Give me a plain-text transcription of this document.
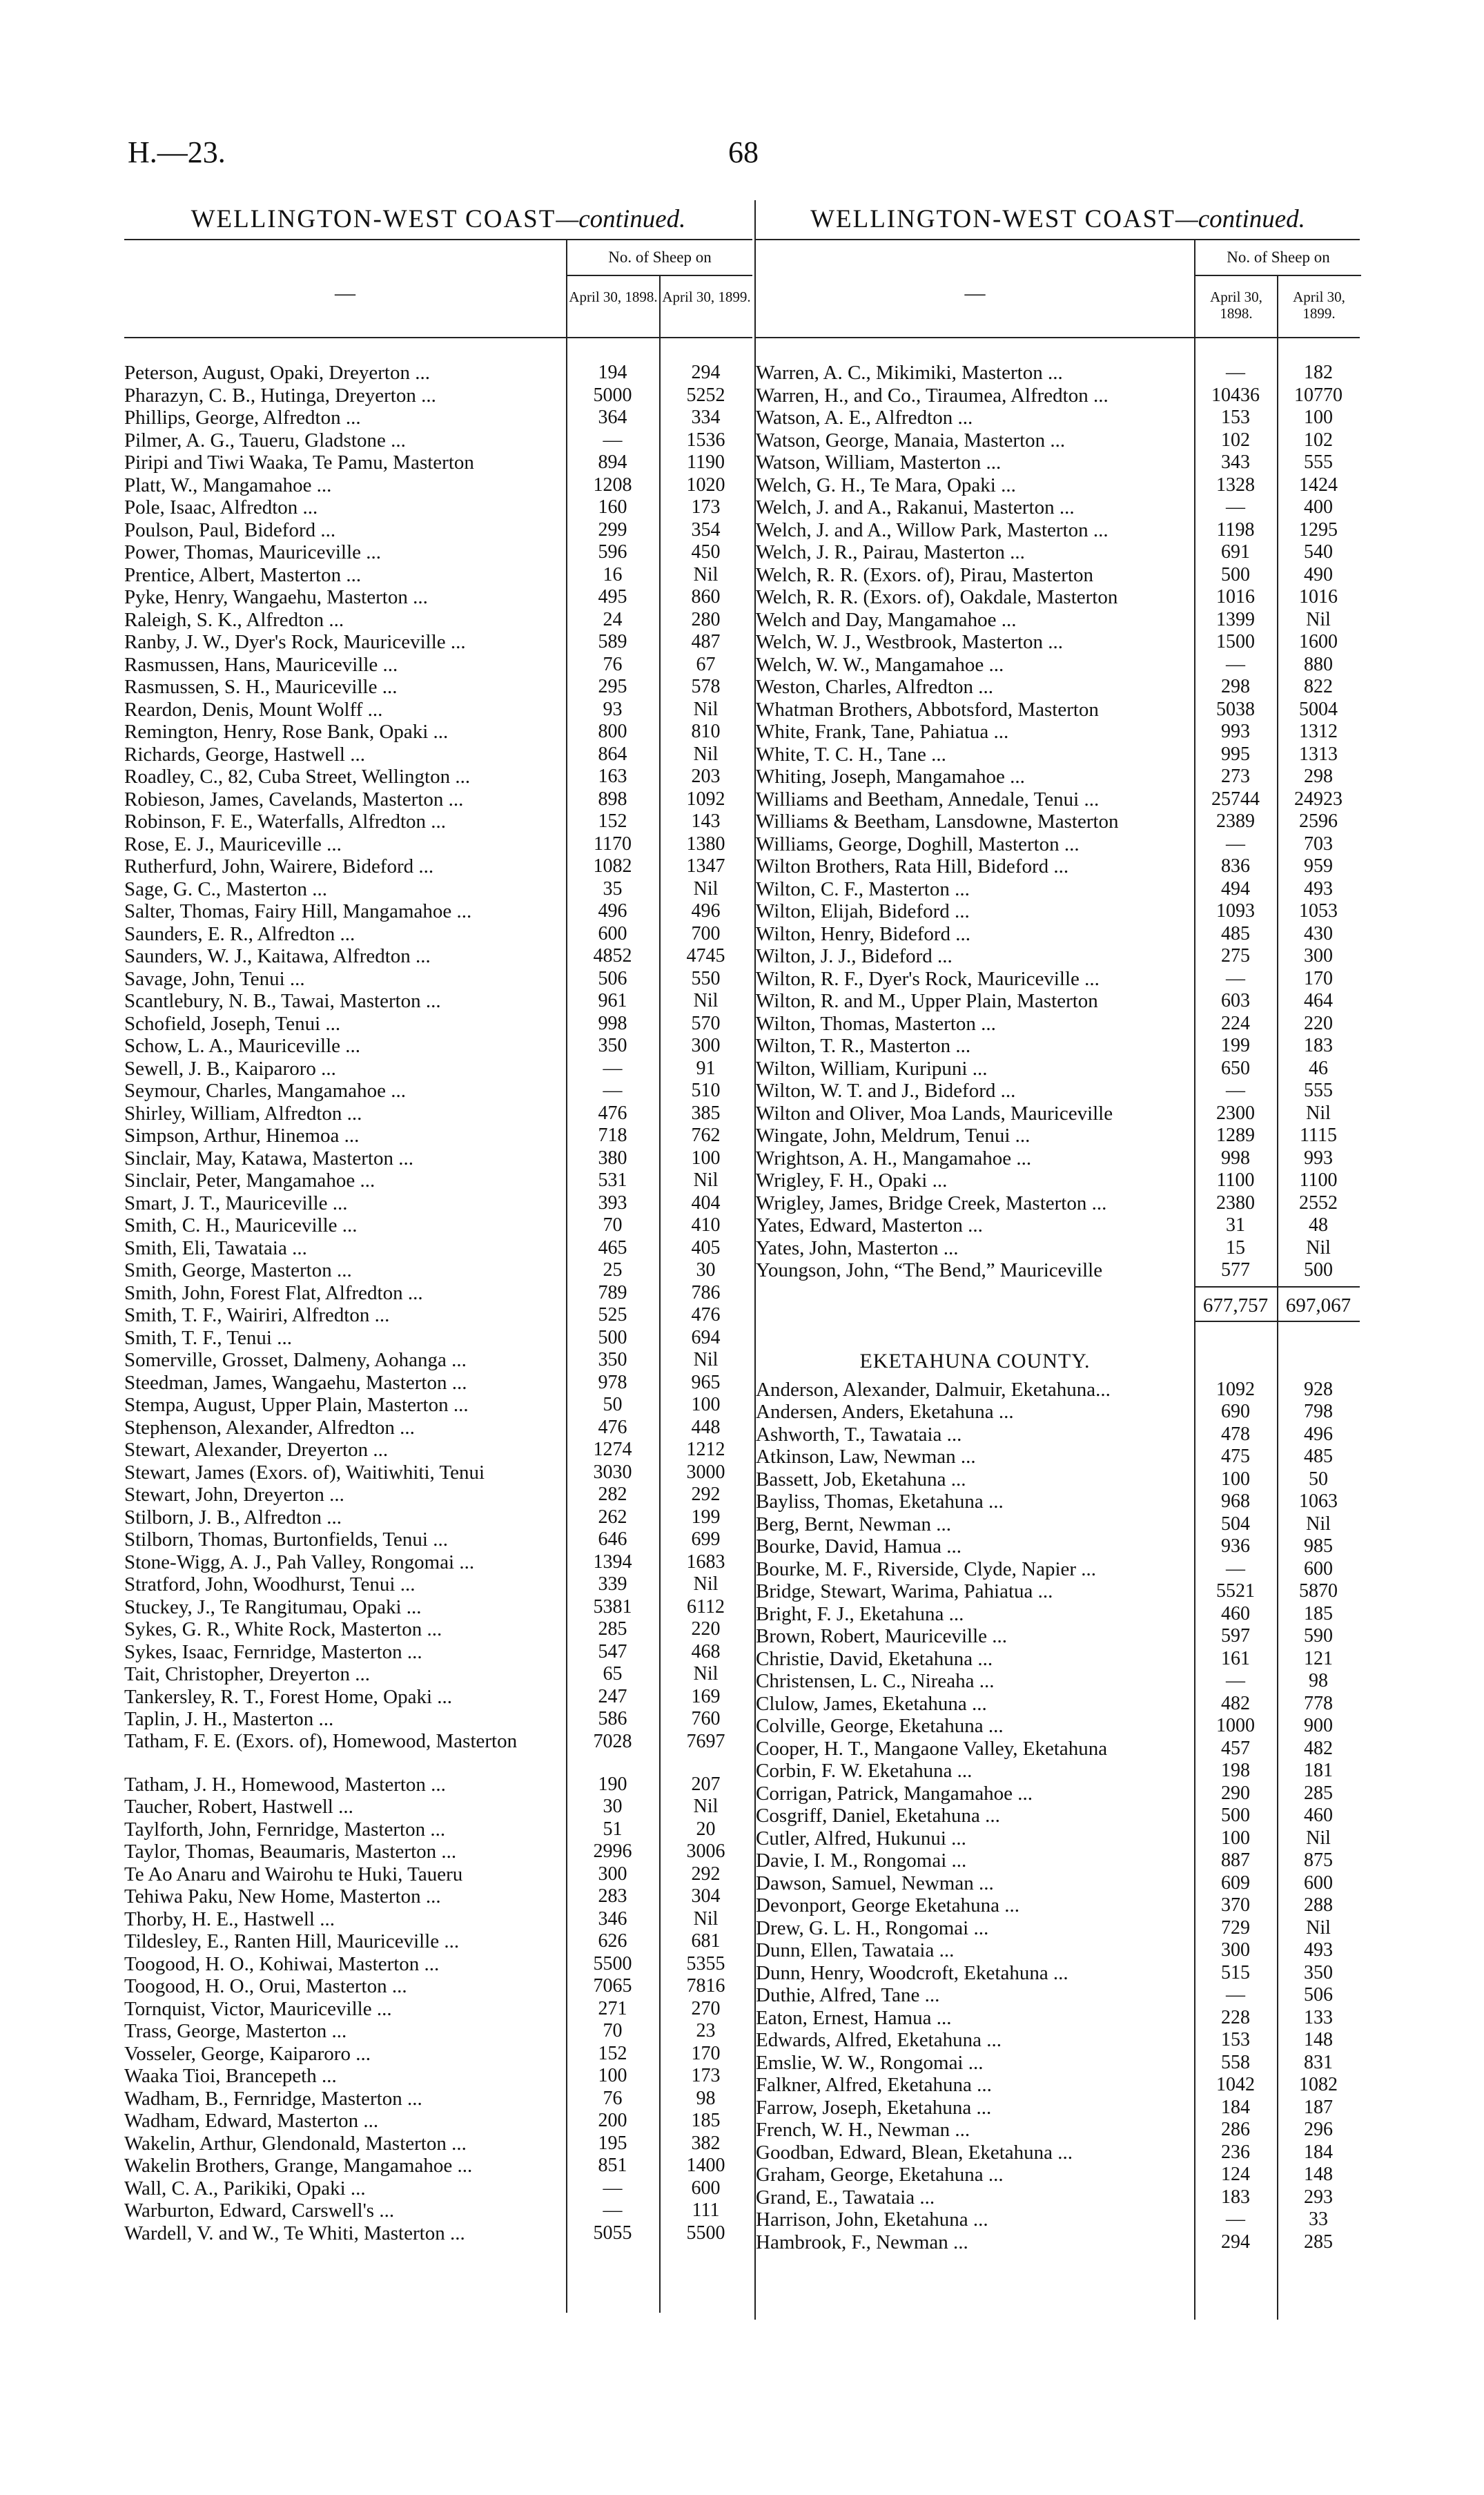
H.—23.	68
WELLINGTON-WEST COAST—continued.
—
No. of Sheep on
April 30, 1898. April 30, 1899.
Peterson, August, Opaki, Dreyerton ...	194	294
Pharazyn, C. B., Hutinga, Dreyerton ...	5000	5252
Phillips, George, Alfredton ...	364	334
Pilmer, A. G., Taueru, Gladstone ...	—	1536
Piripi and Tiwi Waaka, Te Pamu, Masterton	894	1190
Platt, W., Mangamahoe ...	1208	1020
Pole, Isaac, Alfredton ...	160	173
Poulson, Paul, Bideford ...	299	354
Power, Thomas, Mauriceville ...	596	450
Prentice, Albert, Masterton ...	16	Nil
Pyke, Henry, Wangaehu, Masterton ...	495	860
Raleigh, S. K., Alfredton ...	24	280
Ranby, J. W., Dyer's Rock, Mauriceville ...	589	487
Rasmussen, Hans, Mauriceville ...	76	67
Rasmussen, S. H., Mauriceville ...	295	578
Reardon, Denis, Mount Wolff ...	93	Nil
Remington, Henry, Rose Bank, Opaki ...	800	810
Richards, George, Hastwell ...	864	Nil
Roadley, C., 82, Cuba Street, Wellington ...	163	203
Robieson, James, Cavelands, Masterton ...	898	1092
Robinson, F. E., Waterfalls, Alfredton ...	152	143
Rose, E. J., Mauriceville ...	1170	1380
Rutherfurd, John, Wairere, Bideford ...	1082	1347
Sage, G. C., Masterton ...	35	Nil
Salter, Thomas, Fairy Hill, Mangamahoe ...	496	496
Saunders, E. R., Alfredton ...	600	700
Saunders, W. J., Kaitawa, Alfredton ...	4852	4745
Savage, John, Tenui ...	506	550
Scantlebury, N. B., Tawai, Masterton ...	961	Nil
Schofield, Joseph, Tenui ...	998	570
Schow, L. A., Mauriceville ...	350	300
Sewell, J. B., Kaiparoro ...	—	91
Seymour, Charles, Mangamahoe ...	—	510
Shirley, William, Alfredton ...	476	385
Simpson, Arthur, Hinemoa ...	718	762
Sinclair, May, Katawa, Masterton ...	380	100
Sinclair, Peter, Mangamahoe ...	531	Nil
Smart, J. T., Mauriceville ...	393	404
Smith, C. H., Mauriceville ...	70	410
Smith, Eli, Tawataia ...	465	405
Smith, George, Masterton ...	25	30
Smith, John, Forest Flat, Alfredton ...	789	786
Smith, T. F., Wairiri, Alfredton ...	525	476
Smith, T. F., Tenui ...	500	694
Somerville, Grosset, Dalmeny, Aohanga ...	350	Nil
Steedman, James, Wangaehu, Masterton ...	978	965
Stempa, August, Upper Plain, Masterton ...	50	100
Stephenson, Alexander, Alfredton ...	476	448
Stewart, Alexander, Dreyerton ...	1274	1212
Stewart, James (Exors. of), Waitiwhiti, Tenui	3030	3000
Stewart, John, Dreyerton ...	282	292
Stilborn, J. B., Alfredton ...	262	199
Stilborn, Thomas, Burtonfields, Tenui ...	646	699
Stone-Wigg, A. J., Pah Valley, Rongomai ...	1394	1683
Stratford, John, Woodhurst, Tenui ...	339	Nil
Stuckey, J., Te Rangitumau, Opaki ...	5381	6112
Sykes, G. R., White Rock, Masterton ...	285	220
Sykes, Isaac, Fernridge, Masterton ...	547	468
Tait, Christopher, Dreyerton ...	65	Nil
Tankersley, R. T., Forest Home, Opaki ...	247	169
Taplin, J. H., Masterton ...	586	760
Tatham, F. E. (Exors. of), Homewood, Masterton	7028	7697
Tatham, J. H., Homewood, Masterton ...	190	207
Taucher, Robert, Hastwell ...	30	Nil
Taylforth, John, Fernridge, Masterton ...	51	20
Taylor, Thomas, Beaumaris, Masterton ...	2996	3006
Te Ao Anaru and Wairohu te Huki, Taueru	300	292
Tehiwa Paku, New Home, Masterton ...	283	304
Thorby, H. E., Hastwell ...	346	Nil
Tildesley, E., Ranten Hill, Mauriceville ...	626	681
Toogood, H. O., Kohiwai, Masterton ...	5500	5355
Toogood, H. O., Orui, Masterton ...	7065	7816
Tornquist, Victor, Mauriceville ...	271	270
Trass, George, Masterton ...	70	23
Vosseler, George, Kaiparoro ...	152	170
Waaka Tioi, Brancepeth ...	100	173
Wadham, B., Fernridge, Masterton ...	76	98
Wadham, Edward, Masterton ...	200	185
Wakelin, Arthur, Glendonald, Masterton ...	195	382
Wakelin Brothers, Grange, Mangamahoe ...	851	1400
Wall, C. A., Parikiki, Opaki ...	—	600
Warburton, Edward, Carswell's ...	—	111
Wardell, V. and W., Te Whiti, Masterton ...	5055	5500
WELLINGTON-WEST COAST—continued.
—
No. of Sheep on
April 30, 1898.
April 30, 1899.
Warren, A. C., Mikimiki, Masterton ...	—	182
Warren, H., and Co., Tiraumea, Alfredton ...	10436	10770
Watson, A. E., Alfredton ...	153	100
Watson, George, Manaia, Masterton ...	102	102
Watson, William, Masterton ...	343	555
Welch, G. H., Te Mara, Opaki ...	1328	1424
Welch, J. and A., Rakanui, Masterton ...	—	400
Welch, J. and A., Willow Park, Masterton ...	1198	1295
Welch, J. R., Pairau, Masterton ...	691	540
Welch, R. R. (Exors. of), Pirau, Masterton	500	490
Welch, R. R. (Exors. of), Oakdale, Masterton	1016	1016
Welch and Day, Mangamahoe ...	1399	Nil
Welch, W. J., Westbrook, Masterton ...	1500	1600
Welch, W. W., Mangamahoe ...	—	880
Weston, Charles, Alfredton ...	298	822
Whatman Brothers, Abbotsford, Masterton	5038	5004
White, Frank, Tane, Pahiatua ...	993	1312
White, T. C. H., Tane ...	995	1313
Whiting, Joseph, Mangamahoe ...	273	298
Williams and Beetham, Annedale, Tenui ...	25744	24923
Williams & Beetham, Lansdowne, Masterton	2389	2596
Williams, George, Doghill, Masterton ...	—	703
Wilton Brothers, Rata Hill, Bideford ...	836	959
Wilton, C. F., Masterton ...	494	493
Wilton, Elijah, Bideford ...	1093	1053
Wilton, Henry, Bideford ...	485	430
Wilton, J. J., Bideford ...	275	300
Wilton, R. F., Dyer's Rock, Mauriceville ...	—	170
Wilton, R. and M., Upper Plain, Masterton	603	464
Wilton, Thomas, Masterton ...	224	220
Wilton, T. R., Masterton ...	199	183
Wilton, William, Kuripuni ...	650	46
Wilton, W. T. and J., Bideford ...	—	555
Wilton and Oliver, Moa Lands, Mauriceville	2300	Nil
Wingate, John, Meldrum, Tenui ...	1289	1115
Wrightson, A. H., Mangamahoe ...	998	993
Wrigley, F. H., Opaki ...	1100	1100
Wrigley, James, Bridge Creek, Masterton ...	2380	2552
Yates, Edward, Masterton ...	31	48
Yates, John, Masterton ...	15	Nil
Youngson, John, “The Bend,” Mauriceville	577	500
677,757 697,067
EKETAHUNA COUNTY.
Anderson, Alexander, Dalmuir, Eketahuna...	1092	928
Andersen, Anders, Eketahuna ...	690	798
Ashworth, T., Tawataia ...	478	496
Atkinson, Law, Newman ...	475	485
Bassett, Job, Eketahuna ...	100	50
Bayliss, Thomas, Eketahuna ...	968	1063
Berg, Bernt, Newman ...	504	Nil
Bourke, David, Hamua ...	936	985
Bourke, M. F., Riverside, Clyde, Napier ...	—	600
Bridge, Stewart, Warima, Pahiatua ...	5521	5870
Bright, F. J., Eketahuna ...	460	185
Brown, Robert, Mauriceville ...	597	590
Christie, David, Eketahuna ...	161	121
Christensen, L. C., Nireaha ...	—	98
Clulow, James, Eketahuna ...	482	778
Colville, George, Eketahuna ...	1000	900
Cooper, H. T., Mangaone Valley, Eketahuna	457	482
Corbin, F. W. Eketahuna ...	198	181
Corrigan, Patrick, Mangamahoe ...	290	285
Cosgriff, Daniel, Eketahuna ...	500	460
Cutler, Alfred, Hukunui ...	100	Nil
Davie, I. M., Rongomai ...	887	875
Dawson, Samuel, Newman ...	609	600
Devonport, George Eketahuna ...	370	288
Drew, G. L. H., Rongomai ...	729	Nil
Dunn, Ellen, Tawataia ...	300	493
Dunn, Henry, Woodcroft, Eketahuna ...	515	350
Duthie, Alfred, Tane ...	—	506
Eaton, Ernest, Hamua ...	228	133
Edwards, Alfred, Eketahuna ...	153	148
Emslie, W. W., Rongomai ...	558	831
Falkner, Alfred, Eketahuna ...	1042	1082
Farrow, Joseph, Eketahuna ...	184	187
French, W. H., Newman ...	286	296
Goodban, Edward, Blean, Eketahuna ...	236	184
Graham, George, Eketahuna ...	124	148
Grand, E., Tawataia ...	183	293
Harrison, John, Eketahuna ...	—	33
Hambrook, F., Newman ...	294	285
